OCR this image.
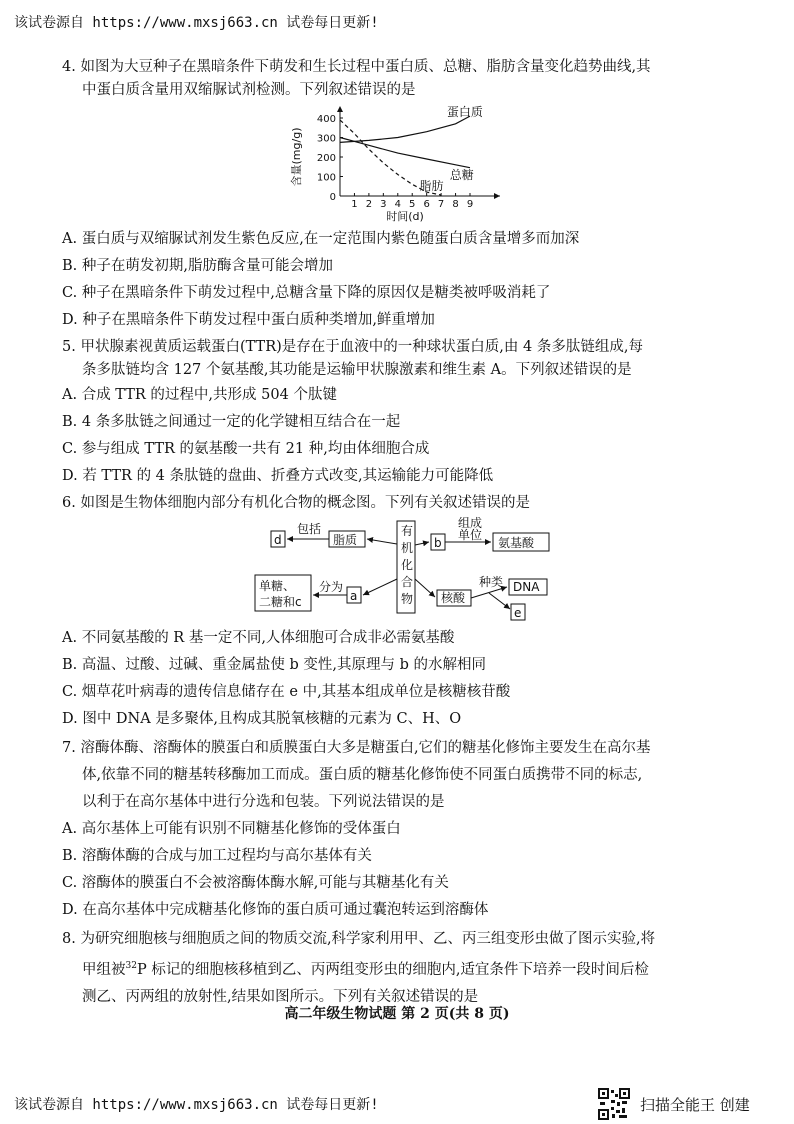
该试卷源自 https://www.mxsj663.cn 试卷每日更新!

4. 如图为大豆种子在黑暗条件下萌发和生长过程中蛋白质、总糖、脂肪含量变化趋势曲线,其

中蛋白质含量用双缩脲试剂检测。下列叙述错误的是

0
100
200
300
400
1 2 3 4 5 6 7 8 9
时间(d)
含量(mg/g)
蛋白质
总糖
脂肪

A. 蛋白质与双缩脲试剂发生紫色反应,在一定范围内紫色随蛋白质含量增多而加深

B. 种子在萌发初期,脂肪酶含量可能会增加

C. 种子在黑暗条件下萌发过程中,总糖含量下降的原因仅是糖类被呼吸消耗了

D. 种子在黑暗条件下萌发过程中蛋白质种类增加,鲜重增加

5. 甲状腺素视黄质运载蛋白(TTR)是存在于血液中的一种球状蛋白质,由 4 条多肽链组成,每

条多肽链均含 127 个氨基酸,其功能是运输甲状腺激素和维生素 A。下列叙述错误的是

A. 合成 TTR 的过程中,共形成 504 个肽键

B. 4 条多肽链之间通过一定的化学键相互结合在一起

C. 参与组成 TTR 的氨基酸一共有 21 种,均由体细胞合成

D. 若 TTR 的 4 条肽链的盘曲、折叠方式改变,其运输能力可能降低

6. 如图是生物体细胞内部分有机化合物的概念图。下列有关叙述错误的是

有
机
化
合
物
d
包括
脂质	b
组成
单位
氨基酸
单糖、
二糖和c
分为
a	核酸
种类 DNA
e

A. 不同氨基酸的 R 基一定不同,人体细胞可合成非必需氨基酸

B. 高温、过酸、过碱、重金属盐使 b 变性,其原理与 b 的水解相同

C. 烟草花叶病毒的遗传信息储存在 e 中,其基本组成单位是核糖核苷酸

D. 图中 DNA 是多聚体,且构成其脱氧核糖的元素为 C、H、O

7. 溶酶体酶、溶酶体的膜蛋白和质膜蛋白大多是糖蛋白,它们的糖基化修饰主要发生在高尔基

体,依靠不同的糖基转移酶加工而成。蛋白质的糖基化修饰使不同蛋白质携带不同的标志,

以利于在高尔基体中进行分选和包装。下列说法错误的是

A. 高尔基体上可能有识别不同糖基化修饰的受体蛋白

B. 溶酶体酶的合成与加工过程均与高尔基体有关

C. 溶酶体的膜蛋白不会被溶酶体酶水解,可能与其糖基化有关

D. 在高尔基体中完成糖基化修饰的蛋白质可通过囊泡转运到溶酶体

8. 为研究细胞核与细胞质之间的物质交流,科学家利用甲、乙、丙三组变形虫做了图示实验,将

甲组被$^{32}$P 标记的细胞核移植到乙、丙两组变形虫的细胞内,适宜条件下培养一段时间后检

测乙、丙两组的放射性,结果如图所示。下列有关叙述错误的是

高二年级生物试题 第 2 页(共 8 页)
该试卷源自 https://www.mxsj663.cn 试卷每日更新!	扫描全能王 创建
